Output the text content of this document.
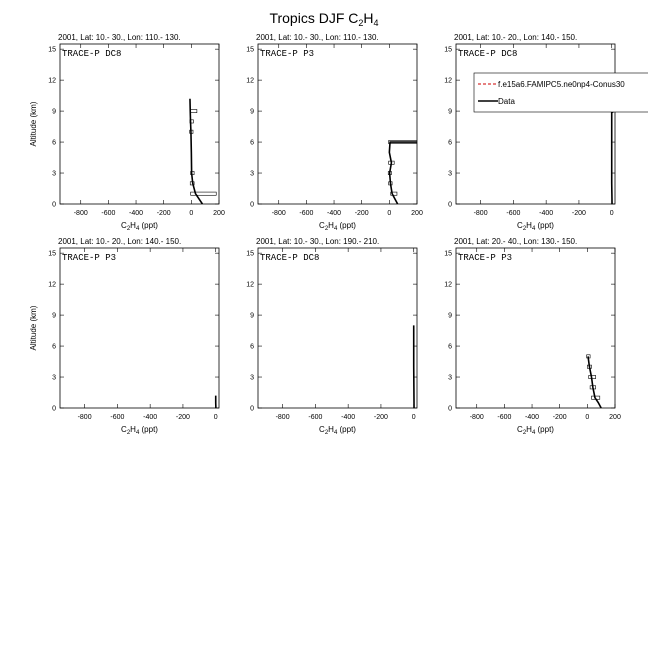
Tropics DJF $C_2H_4$
2001, Lat: 10.- 30., Lon: 110.- 130.
TRACE-P DC8
-800 -600 -400 -200	0	200
0
3
6
9
12
15
$C_2H_4$ (ppt)
Altitude (km)
2001, Lat: 10.- 30., Lon: 110.- 130.
TRACE-P P3
-800 -600 -400 -200	0	200
0
3
6
9
12
15
$C_2H_4$ (ppt)
2001, Lat: 10.- 20., Lon: 140.- 150.
TRACE-P DC8
-800	-600	-400	-200	0
0
3
6
9
12
15
$C_2H_4$ (ppt)
2001, Lat: 10.- 20., Lon: 140.- 150.
TRACE-P P3
-800	-600	-400	-200	0
0
3
6
9
12
15
$C_2H_4$ (ppt)
Altitude (km)
2001, Lat: 10.- 30., Lon: 190.- 210.
TRACE-P DC8
-800	-600	-400	-200	0
0
3
6
9
12
15
$C_2H_4$ (ppt)
2001, Lat: 20.- 40., Lon: 130.- 150.
TRACE-P P3
-800 -600 -400 -200	0	200
0
3
6
9
12
15
$C_2H_4$ (ppt)
f.e15a6.FAMIPC5.ne0np4-Conus30
Data
